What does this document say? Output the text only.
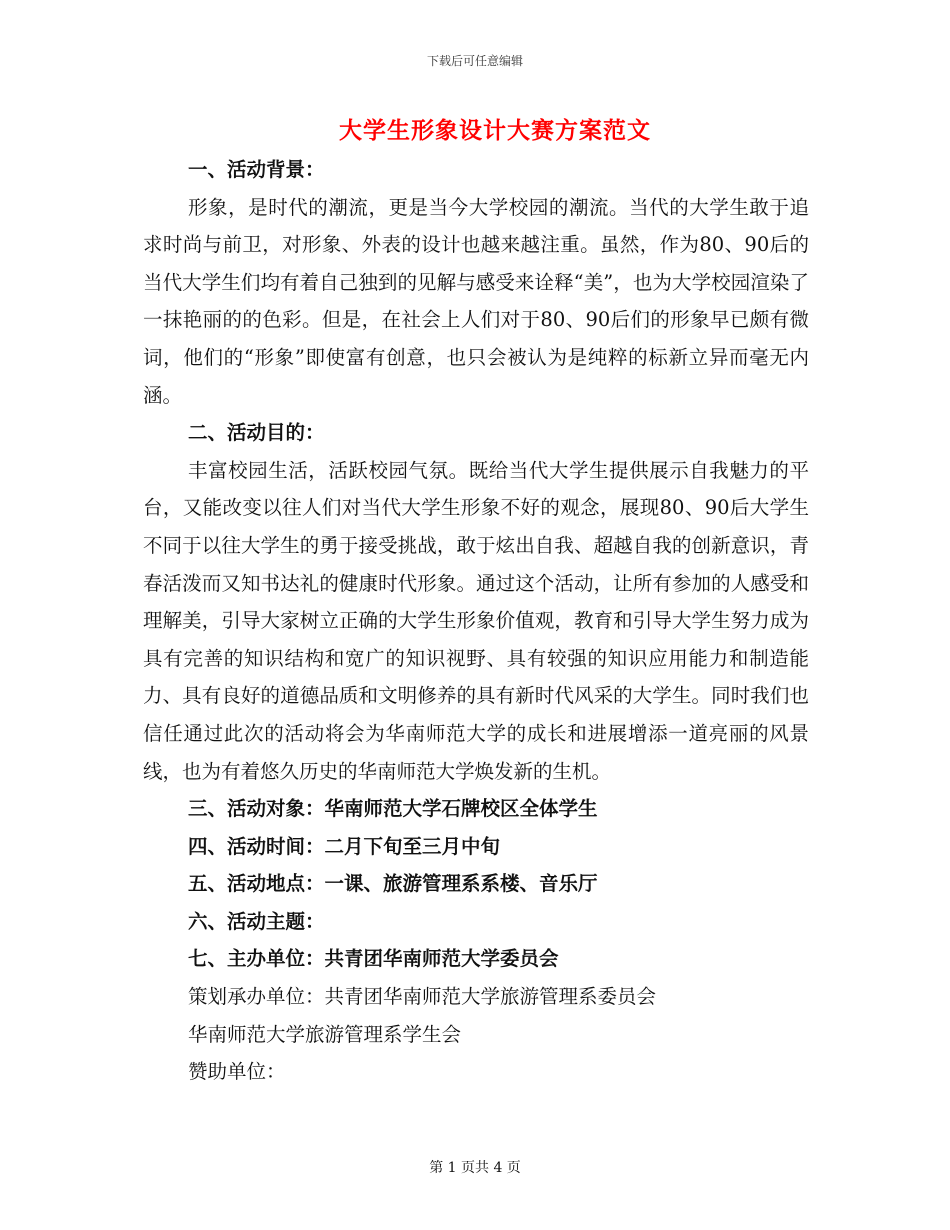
下载后可任意编辑
大学生形象设计大赛方案范文

一、活动背景：

形象，是时代的潮流，更是当今大学校园的潮流。当代的大学生敢于追求时尚与前卫，对形象、外表的设计也越来越注重。虽然，作为80、90后的当代大学生们均有着自己独到的见解与感受来诠释“美”，也为大学校园渲染了一抹艳丽的的色彩。但是，在社会上人们对于80、90后们的形象早已颇有微词，他们的“形象”即使富有创意，也只会被认为是纯粹的标新立异而毫无内涵。

二、活动目的：

丰富校园生活，活跃校园气氛。既给当代大学生提供展示自我魅力的平台，又能改变以往人们对当代大学生形象不好的观念，展现80、90后大学生不同于以往大学生的勇于接受挑战，敢于炫出自我、超越自我的创新意识，青春活泼而又知书达礼的健康时代形象。通过这个活动，让所有参加的人感受和理解美，引导大家树立正确的大学生形象价值观，教育和引导大学生努力成为具有完善的知识结构和宽广的知识视野、具有较强的知识应用能力和制造能力、具有良好的道德品质和文明修养的具有新时代风采的大学生。同时我们也信任通过此次的活动将会为华南师范大学的成长和进展增添一道亮丽的风景线，也为有着悠久历史的华南师范大学焕发新的生机。

三、活动对象：华南师范大学石牌校区全体学生

四、活动时间：二月下旬至三月中旬

五、活动地点：一课、旅游管理系系楼、音乐厅

六、活动主题：

七、主办单位：共青团华南师范大学委员会

策划承办单位：共青团华南师范大学旅游管理系委员会

华南师范大学旅游管理系学生会

赞助单位：

第 1 页共 4 页
